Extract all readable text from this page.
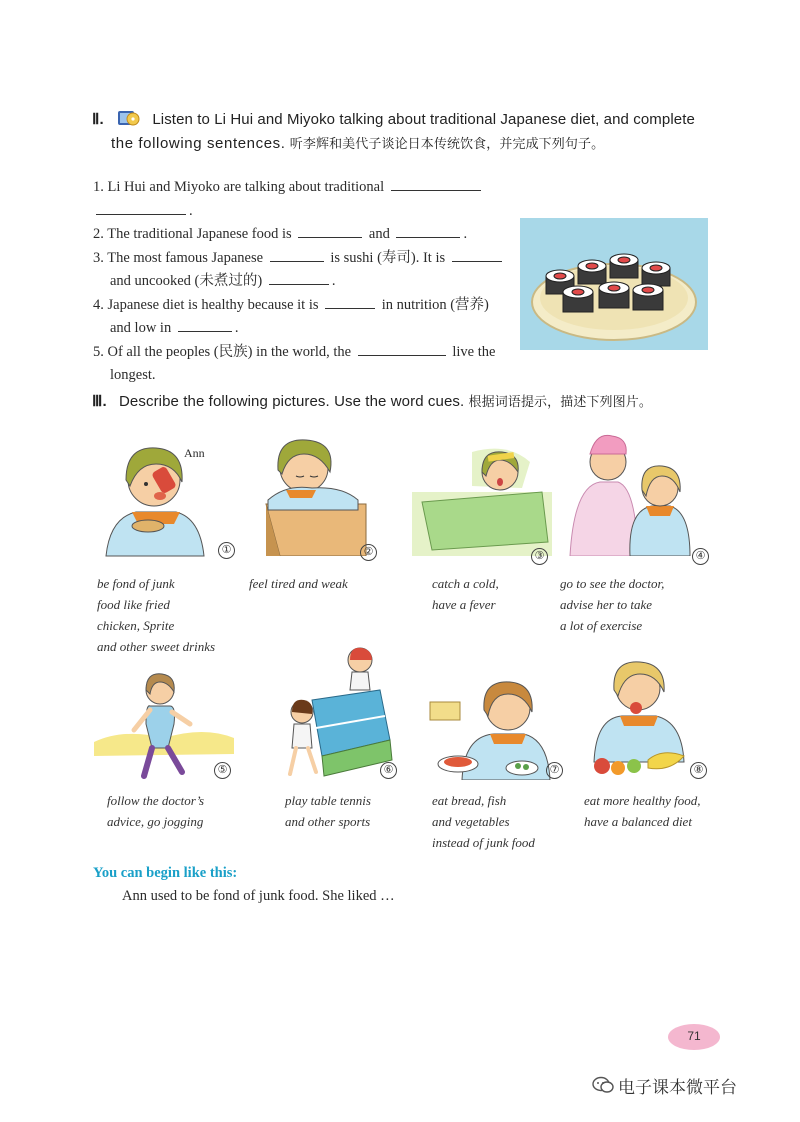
Ⅱ.	Listen to Li Hui and Miyoko talking about traditional Japanese diet, and complete
the following sentences. 听李辉和美代子谈论日本传统饮食，并完成下列句子。
1. Li Hui and Miyoko are talking about traditional  .
2. The traditional Japanese food is	and	.
3. The most famous Japanese	is sushi (寿司). It is
and uncooked (未煮过的)	.
4. Japanese diet is healthy because it is	in nutrition (营养)
and low in	.
5. Of all the peoples (民族) in the world, the	live the
longest.
Ⅲ. Describe the following pictures. Use the word cues. 根据词语提示，描述下列图片。
Ann
①	②	③	④
be fond of junk
food like fried
chicken, Sprite
and other sweet drinks
feel tired and weak	catch a cold,
have a fever
go to see the doctor,
advise her to take
a lot of exercise
⑤	⑥	⑦	⑧
follow the doctor’s
advice, go jogging
play table tennis
and other sports
eat bread, fish
and vegetables
instead of junk food
eat more healthy food,
have a balanced diet
You can begin like this:
Ann used to be fond of junk food. She liked …
71
电子课本微平台
